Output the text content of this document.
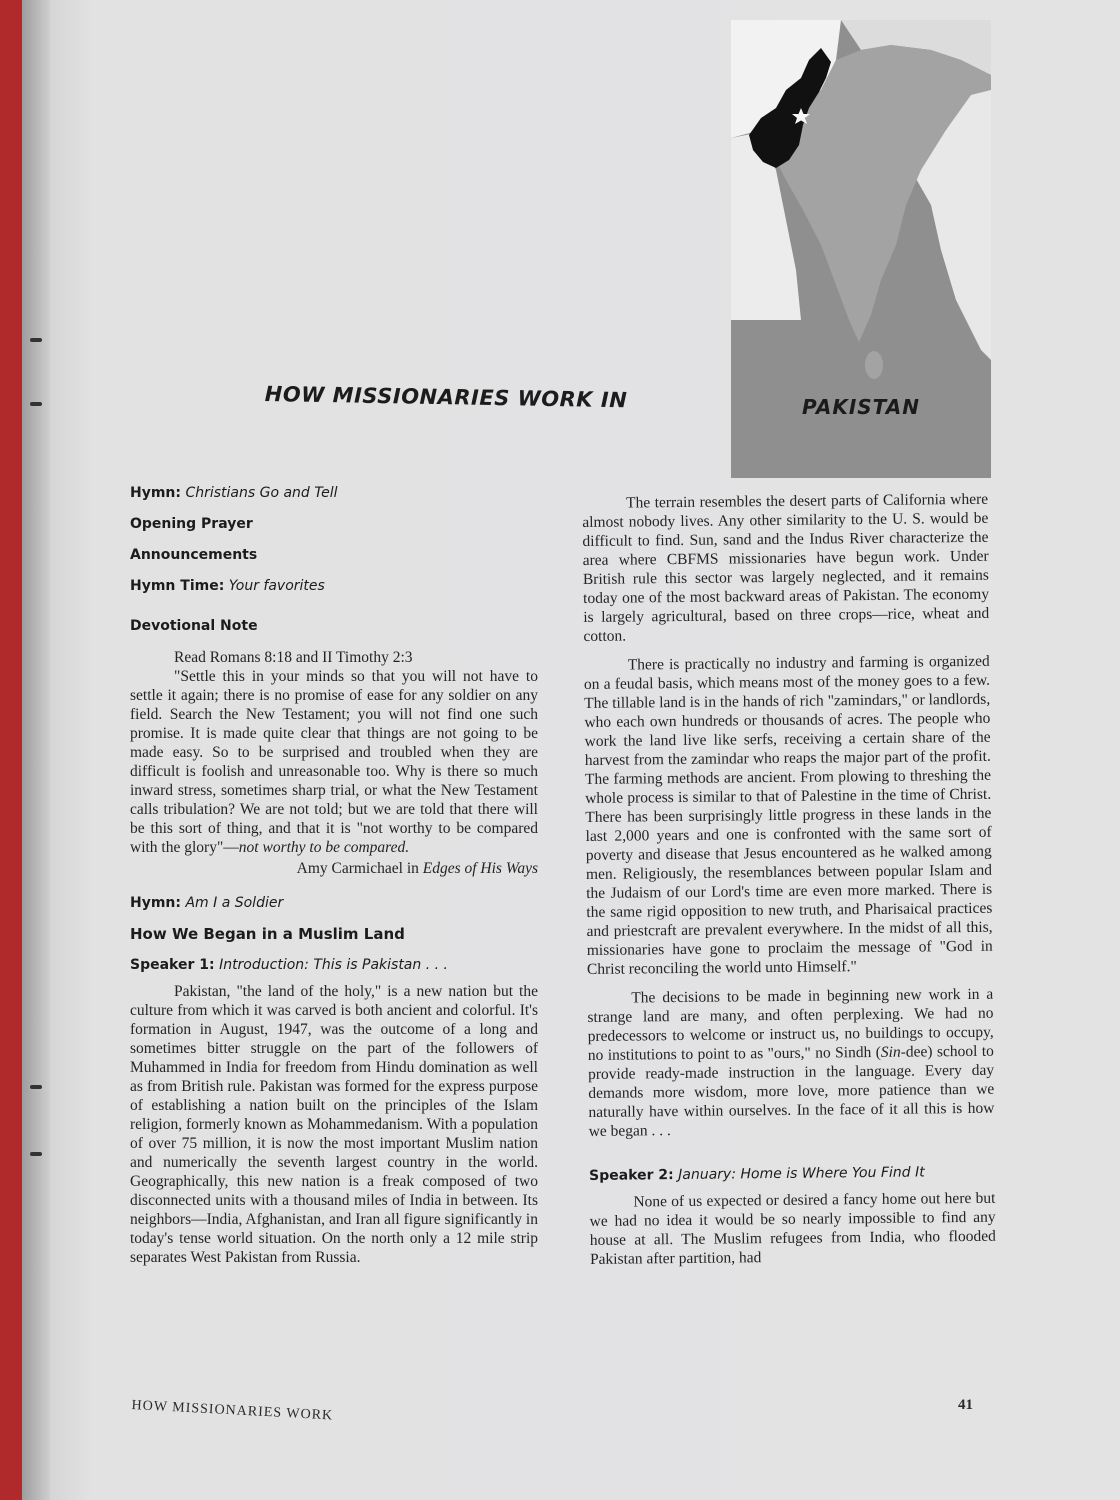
PAKISTAN
HOW MISSIONARIES WORK IN
Hymn: Christians Go and Tell
Opening Prayer
Announcements
Hymn Time: Your favorites
Devotional Note

Read Romans 8:18 and II Timothy 2:3

"Settle this in your minds so that you will not have to settle it again; there is no promise of ease for any soldier on any field. Search the New Testament; you will not find one such promise. It is made quite clear that things are not going to be made easy. So to be surprised and troubled when they are difficult is foolish and unreasonable too. Why is there so much inward stress, sometimes sharp trial, or what the New Testament calls tribulation? We are not told; but we are told that there will be this sort of thing, and that it is "not worthy to be compared with the glory"—not worthy to be compared.

Amy Carmichael in Edges of His Ways
Hymn: Am I a Soldier
How We Began in a Muslim Land
Speaker 1: Introduction: This is Pakistan . . .

Pakistan, "the land of the holy," is a new nation but the culture from which it was carved is both ancient and colorful. It's formation in August, 1947, was the outcome of a long and sometimes bitter struggle on the part of the followers of Muhammed in India for freedom from Hindu domination as well as from British rule. Pakistan was formed for the express purpose of establishing a nation built on the principles of the Islam religion, formerly known as Mohammedanism. With a population of over 75 million, it is now the most important Muslim nation and numerically the seventh largest country in the world. Geographically, this new nation is a freak composed of two disconnected units with a thousand miles of India in between. Its neighbors—India, Afghanistan, and Iran all figure significantly in today's tense world situation. On the north only a 12 mile strip separates West Pakistan from Russia.

The terrain resembles the desert parts of California where almost nobody lives. Any other similarity to the U. S. would be difficult to find. Sun, sand and the Indus River characterize the area where CBFMS missionaries have begun work. Under British rule this sector was largely neglected, and it remains today one of the most backward areas of Pakistan. The economy is largely agricultural, based on three crops—rice, wheat and cotton.

There is practically no industry and farming is organized on a feudal basis, which means most of the money goes to a few. The tillable land is in the hands of rich "zamindars," or landlords, who each own hundreds or thousands of acres. The people who work the land live like serfs, receiving a certain share of the harvest from the zamindar who reaps the major part of the profit. The farming methods are ancient. From plowing to threshing the whole process is similar to that of Palestine in the time of Christ. There has been surprisingly little progress in these lands in the last 2,000 years and one is confronted with the same sort of poverty and disease that Jesus encountered as he walked among men. Religiously, the resemblances between popular Islam and the Judaism of our Lord's time are even more marked. There is the same rigid opposition to new truth, and Pharisaical practices and priestcraft are prevalent everywhere. In the midst of all this, missionaries have gone to proclaim the message of "God in Christ reconciling the world unto Himself."

The decisions to be made in beginning new work in a strange land are many, and often perplexing. We had no predecessors to welcome or instruct us, no buildings to occupy, no institutions to point to as "ours," no Sindh (Sin-dee) school to provide ready-made instruction in the language. Every day demands more wisdom, more love, more patience than we naturally have within ourselves. In the face of it all this is how we began . . .

Speaker 2: January: Home is Where You Find It

None of us expected or desired a fancy home out here but we had no idea it would be so nearly impossible to find any house at all. The Muslim refugees from India, who flooded Pakistan after partition, had

HOW MISSIONARIES WORK	41
